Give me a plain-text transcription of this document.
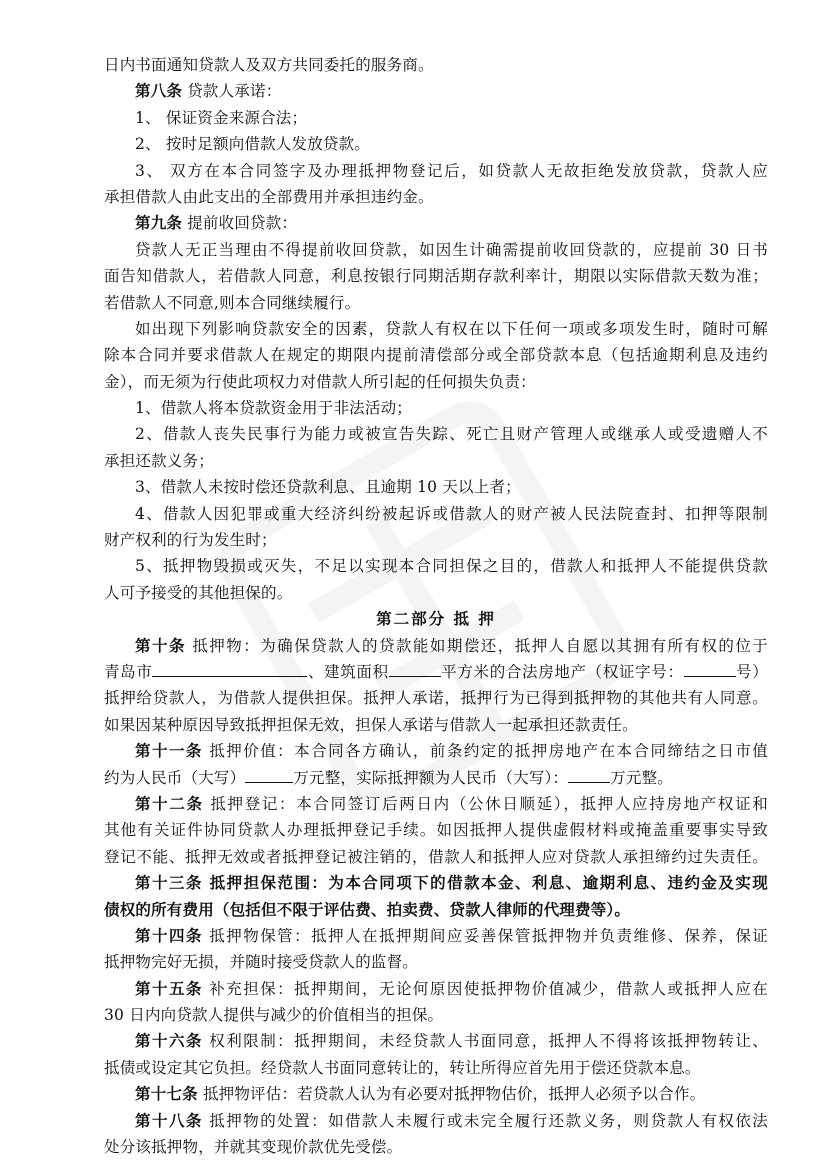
日内书面通知贷款人及双方共同委托的服务商。
第八条 贷款人承诺：
1、 保证资金来源合法；
2、 按时足额向借款人发放贷款。
3、 双方在本合同签字及办理抵押物登记后，如贷款人无故拒绝发放贷款，贷款人应
承担借款人由此支出的全部费用并承担违约金。
第九条 提前收回贷款：
贷款人无正当理由不得提前收回贷款，如因生计确需提前收回贷款的，应提前 30 日书
面告知借款人，若借款人同意，利息按银行同期活期存款利率计，期限以实际借款天数为准；
若借款人不同意,则本合同继续履行。
如出现下列影响贷款安全的因素，贷款人有权在以下任何一项或多项发生时，随时可解
除本合同并要求借款人在规定的期限内提前清偿部分或全部贷款本息（包括逾期利息及违约
金），而无须为行使此项权力对借款人所引起的任何损失负责：
1、借款人将本贷款资金用于非法活动；
2、借款人丧失民事行为能力或被宣告失踪、死亡且财产管理人或继承人或受遗赠人不
承担还款义务；
3、借款人未按时偿还贷款利息、且逾期 10 天以上者；
4、借款人因犯罪或重大经济纠纷被起诉或借款人的财产被人民法院查封、扣押等限制
财产权利的行为发生时；
5、抵押物毁损或灭失，不足以实现本合同担保之目的，借款人和抵押人不能提供贷款
人可予接受的其他担保的。
第二部分 抵 押
第十条 抵押物：为确保贷款人的贷款能如期偿还，抵押人自愿以其拥有所有权的位于
青岛市	、建筑面积	平方米的合法房地产（权证字号：	号）
抵押给贷款人，为借款人提供担保。抵押人承诺，抵押行为已得到抵押物的其他共有人同意。
如果因某种原因导致抵押担保无效，担保人承诺与借款人一起承担还款责任。
第十一条 抵押价值：本合同各方确认，前条约定的抵押房地产在本合同缔结之日市值
约为人民币（大写）	万元整，实际抵押额为人民币（大写）：	万元整。
第十二条 抵押登记：本合同签订后两日内（公休日顺延），抵押人应持房地产权证和
其他有关证件协同贷款人办理抵押登记手续。如因抵押人提供虚假材料或掩盖重要事实导致
登记不能、抵押无效或者抵押登记被注销的，借款人和抵押人应对贷款人承担缔约过失责任。
第十三条 抵押担保范围：为本合同项下的借款本金、利息、逾期利息、违约金及实现
债权的所有费用（包括但不限于评估费、拍卖费、贷款人律师的代理费等）。
第十四条 抵押物保管：抵押人在抵押期间应妥善保管抵押物并负责维修、保养，保证
抵押物完好无损，并随时接受贷款人的监督。
第十五条 补充担保：抵押期间，无论何原因使抵押物价值减少，借款人或抵押人应在
30 日内向贷款人提供与减少的价值相当的担保。
第十六条 权利限制：抵押期间，未经贷款人书面同意，抵押人不得将该抵押物转让、
抵债或设定其它负担。经贷款人书面同意转让的，转让所得应首先用于偿还贷款本息。
第十七条 抵押物评估：若贷款人认为有必要对抵押物估价，抵押人必须予以合作。
第十八条 抵押物的处置：如借款人未履行或未完全履行还款义务，则贷款人有权依法
处分该抵押物，并就其变现价款优先受偿。
